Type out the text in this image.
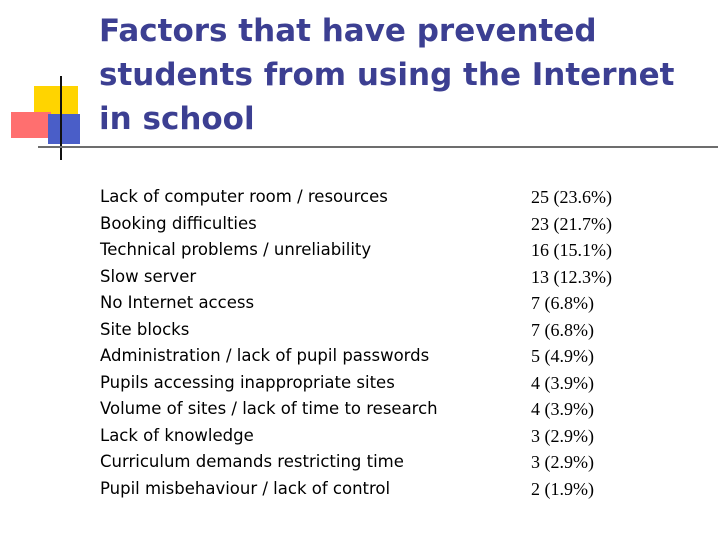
Factors that have prevented students from using the Internet in school
Lack of computer room / resources
Booking difficulties
Technical problems / unreliability
Slow server
No Internet access
Site blocks
Administration / lack of pupil passwords
Pupils accessing inappropriate sites
Volume of sites / lack of time to research
Lack of knowledge
Curriculum demands restricting time
Pupil misbehaviour / lack of control
25 (23.6%)
23 (21.7%)
16 (15.1%)
13 (12.3%)
7 (6.8%)
7 (6.8%)
5 (4.9%)
4 (3.9%)
4 (3.9%)
3 (2.9%)
3 (2.9%)
2 (1.9%)
